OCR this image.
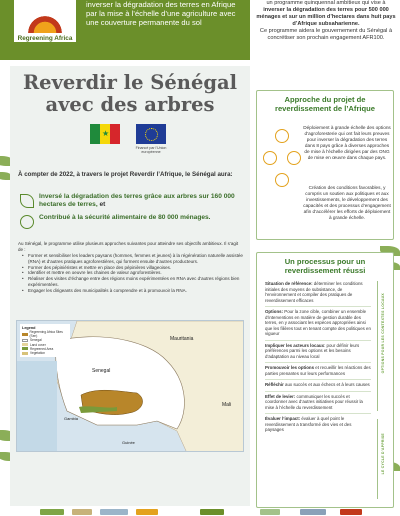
Regreening Africa
inverser la dégradation des terres en Afrique par la mise à l’échelle d’une agriculture avec une couverture permanente du sol
un programme quinquennal ambitieux qui vise à inverser la dégradation des terres pour 500 000 ménages et sur un million d’hectares dans huit pays d’Afrique subsaharienne.
Ce programme aidera le gouvernement du Sénégal à concrétiser son prochain engagement AFR100.
Reverdir le Sénégal avec des arbres
★
Financé par l'Union européenne
À compter de 2022, à travers le projet Reverdir l’Afrique, le Sénégal aura:
Inversé la dégradation des terres grâce aux arbres sur 160 000 hectares de terres, et
Contribué à la sécurité alimentaire de 80 000 ménages.
Au Sénégal, le programme utilise plusieurs approches suivantes pour atteindre ses objectifs ambitieux. Il s’agit de :
• Former et sensibiliser les leaders paysans (hommes, femmes et jeunes) à la régénération naturelle assistée (RNA) et d’autres pratiques agroforestières, qui forment ensuite d’autres producteurs.
• Former des pépiniéristes et mettre en place des pépinières villageoises.
• Identifier et mettre en oeuvre les chaines de valeur agroforestières.
• Réaliser des visites d’échange entre des régions moins expérimentées en RNA avec d’autres régions bien expérimentées.
• Engager les dirigeants des municipalités à comprendre et à promouvoir la RNA.
Legend
Regreening Africa Sites (Sen)
Senegal
Land cover
Regreened Area
Vegetation
Mauritania
Senegal
Mali
Gambia
Guinée
Approche du projet de reverdissement de l’Afrique
Déploiement à grande échelle des options d’agroforesterie qui ont fait leurs preuves pour inverser la dégradation des terres dans 8 pays grâce à diverses approches de mise à l’échelle dirigées par des ONG de mise en œuvre dans chaque pays.
Création des conditions favorables, y compris un soutien aux politiques et aux investissements, le développement des capacités et des processus d’engagement afin d’accélérer les efforts de déploiement à grande échelle.
Un processus pour un reverdissement réussi
Situation de référence: déterminer les conditions initiales des moyens de subsistance, de l’environnement et compiler des pratiques de reverdissement efficaces
Options: Pour la zone cible, combiner un ensemble d’interventions en matière de gestion durable des terres, en y associant les espèces appropriées ainsi que les filières tout en tenant compte des politiques en vigueur
Impliquer les acteurs locaux: pour définir leurs préférences parmi les options et les besoins d’adaptation au niveau local
Promouvoir les options et recueillir les réactions des parties prenantes sur leurs performances
Réfléchir aux succès et aux échecs et à leurs causes
Effet de levier: communiquer les succès et coordonner avec d’autres initiatives pour réussir la mise à l’échelle du reverdissement
Évaluer l’impact: évaluer à quel point le reverdissement a transformé des vies et des paysages
OPTIONS POUR LES CONTEXTES LOCAUX
LE CYCLE D’APPRISE
